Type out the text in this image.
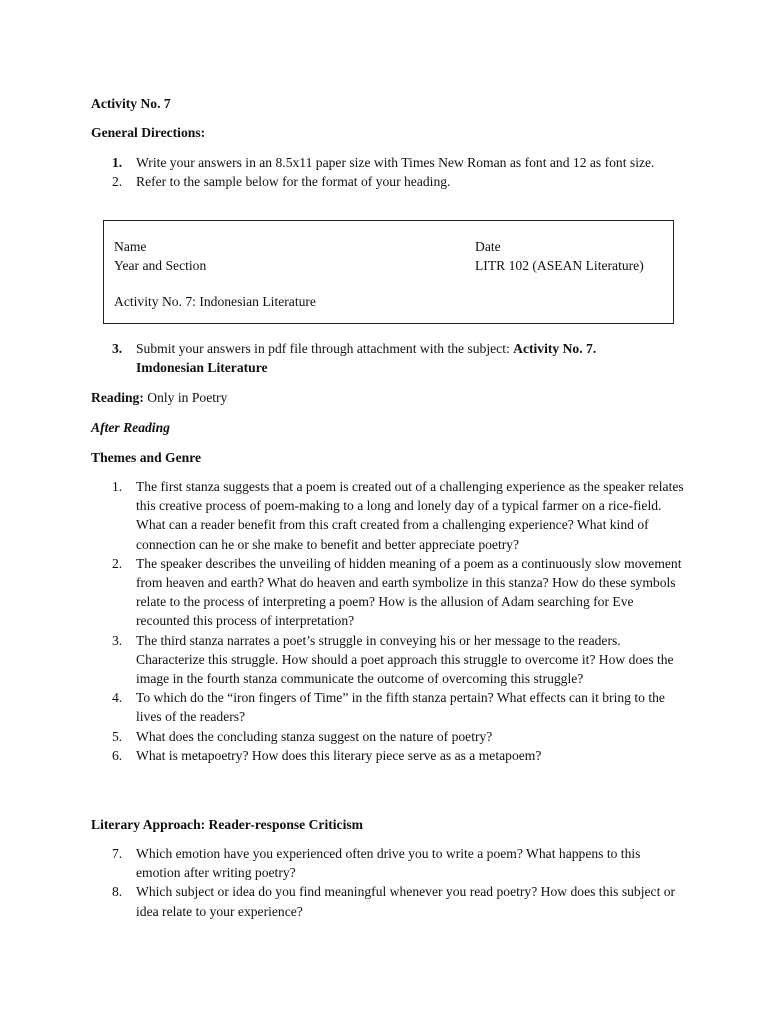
Activity No. 7
General Directions:
1. Write your answers in an 8.5x11 paper size with Times New Roman as font and 12 as font size.
2. Refer to the sample below for the format of your heading.
Name	Date
Year and Section	LITR 102 (ASEAN Literature)
Activity No. 7: Indonesian Literature
3. Submit your answers in pdf file through attachment with the subject: Activity No. 7.
Imdonesian Literature
Reading: Only in Poetry
After Reading
Themes and Genre
1. The first stanza suggests that a poem is created out of a challenging experience as the speaker relates this creative process of poem-making to a long and lonely day of a typical farmer on a rice-field. What can a reader benefit from this craft created from a challenging experience? What kind of connection can he or she make to benefit and better appreciate poetry?
2. The speaker describes the unveiling of hidden meaning of a poem as a continuously slow movement from heaven and earth? What do heaven and earth symbolize in this stanza? How do these symbols relate to the process of interpreting a poem? How is the allusion of Adam searching for Eve recounted this process of interpretation?
3. The third stanza narrates a poet’s struggle in conveying his or her message to the readers. Characterize this struggle. How should a poet approach this struggle to overcome it? How does the image in the fourth stanza communicate the outcome of overcoming this struggle?
4. To which do the “iron fingers of Time” in the fifth stanza pertain? What effects can it bring to the lives of the readers?
5. What does the concluding stanza suggest on the nature of poetry?
6. What is metapoetry? How does this literary piece serve as as a metapoem?
Literary Approach: Reader-response Criticism
7. Which emotion have you experienced often drive you to write a poem? What happens to this emotion after writing poetry?
8. Which subject or idea do you find meaningful whenever you read poetry? How does this subject or idea relate to your experience?
